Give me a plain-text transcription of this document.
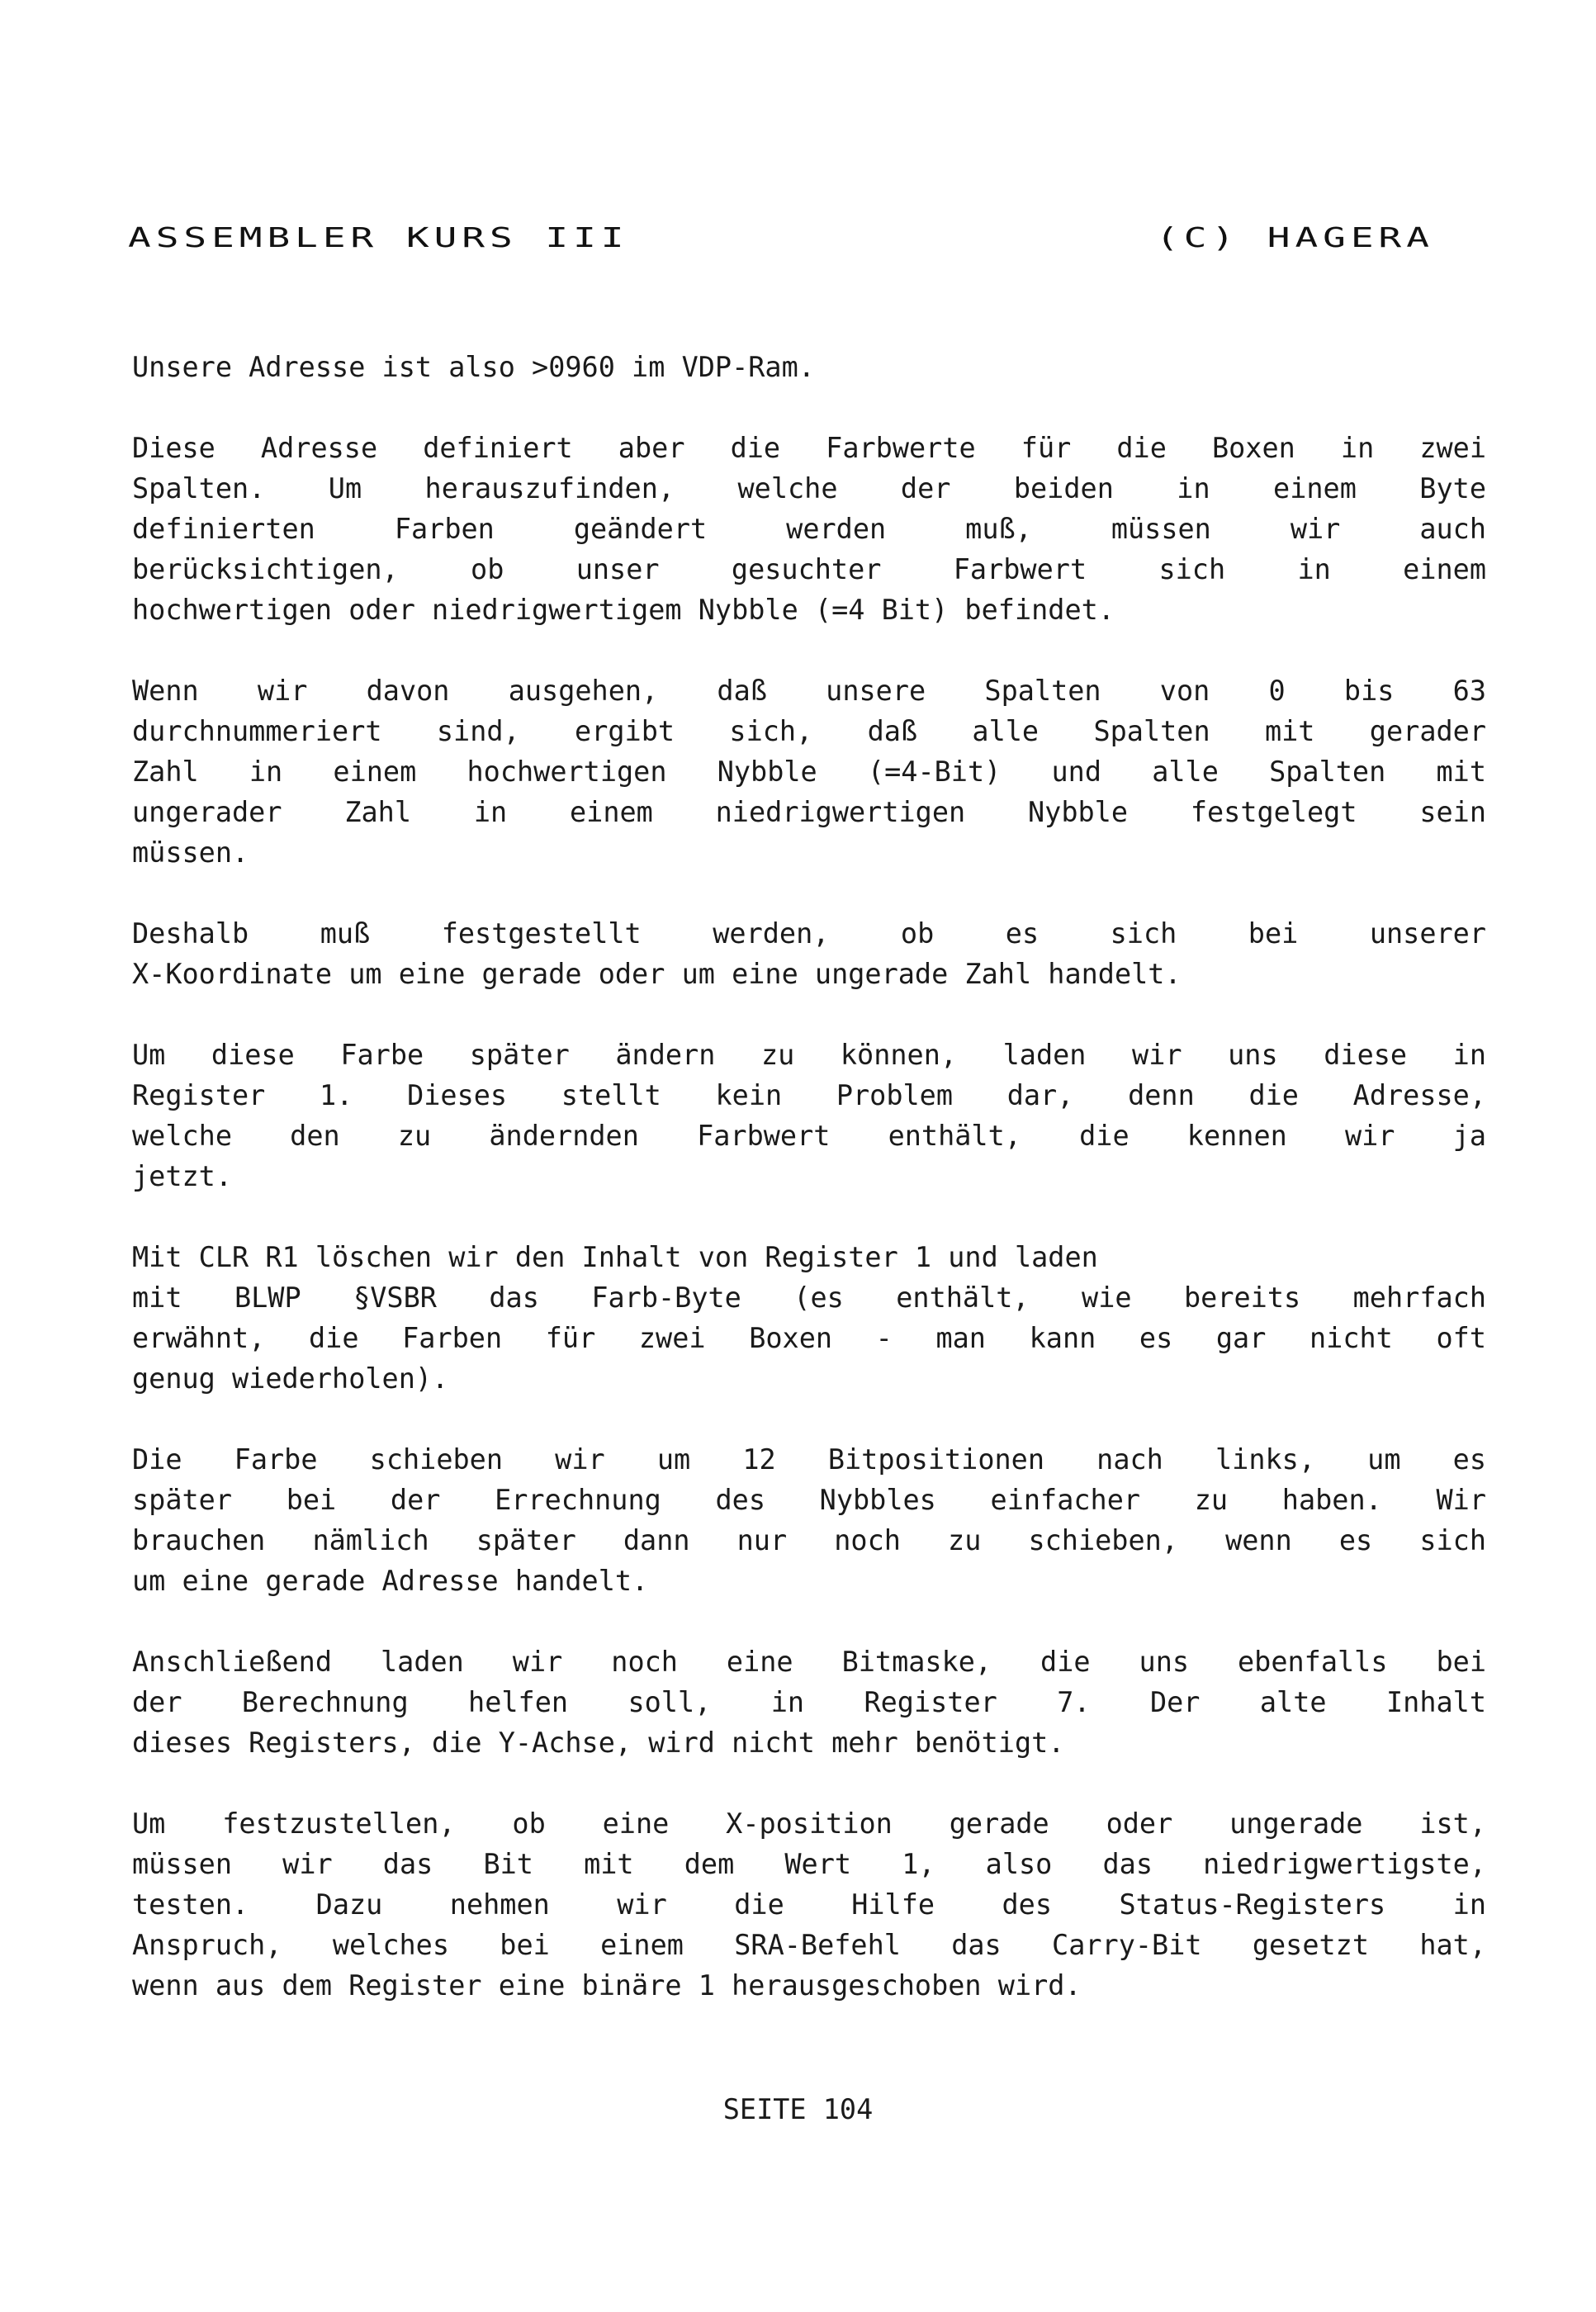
ASSEMBLER KURS III	(C) HAGERA
Unsere Adresse ist also >0960 im VDP-Ram.
Diese Adresse definiert aber die Farbwerte für die Boxen in zwei
Spalten. Um herauszufinden, welche der beiden in einem Byte
definierten Farben geändert werden muß, müssen wir auch
berücksichtigen, ob unser gesuchter Farbwert sich in einem
hochwertigen oder niedrigwertigem Nybble (=4 Bit) befindet.
Wenn wir davon ausgehen, daß unsere Spalten von 0 bis 63
durchnummeriert sind, ergibt sich, daß alle Spalten mit gerader
Zahl in einem hochwertigen Nybble (=4-Bit) und alle Spalten mit
ungerader Zahl in einem niedrigwertigen Nybble festgelegt sein
müssen.
Deshalb muß festgestellt werden, ob es sich bei unserer
X-Koordinate um eine gerade oder um eine ungerade Zahl handelt.
Um diese Farbe später ändern zu können, laden wir uns diese in
Register 1. Dieses stellt kein Problem dar, denn die Adresse,
welche den zu ändernden Farbwert enthält, die kennen wir ja
jetzt.
Mit CLR R1 löschen wir den Inhalt von Register 1 und laden
mit BLWP §VSBR das Farb-Byte (es enthält, wie bereits mehrfach
erwähnt, die Farben für zwei Boxen - man kann es gar nicht oft
genug wiederholen).
Die Farbe schieben wir um 12 Bitpositionen nach links, um es
später bei der Errechnung des Nybbles einfacher zu haben. Wir
brauchen nämlich später dann nur noch zu schieben, wenn es sich
um eine gerade Adresse handelt.
Anschließend laden wir noch eine Bitmaske, die uns ebenfalls bei
der Berechnung helfen soll, in Register 7. Der alte Inhalt
dieses Registers, die Y-Achse, wird nicht mehr benötigt.
Um festzustellen, ob eine X-position gerade oder ungerade ist,
müssen wir das Bit mit dem Wert 1, also das niedrigwertigste,
testen. Dazu nehmen wir die Hilfe des Status-Registers in
Anspruch, welches bei einem SRA-Befehl das Carry-Bit gesetzt hat,
wenn aus dem Register eine binäre 1 herausgeschoben wird.
SEITE 104
